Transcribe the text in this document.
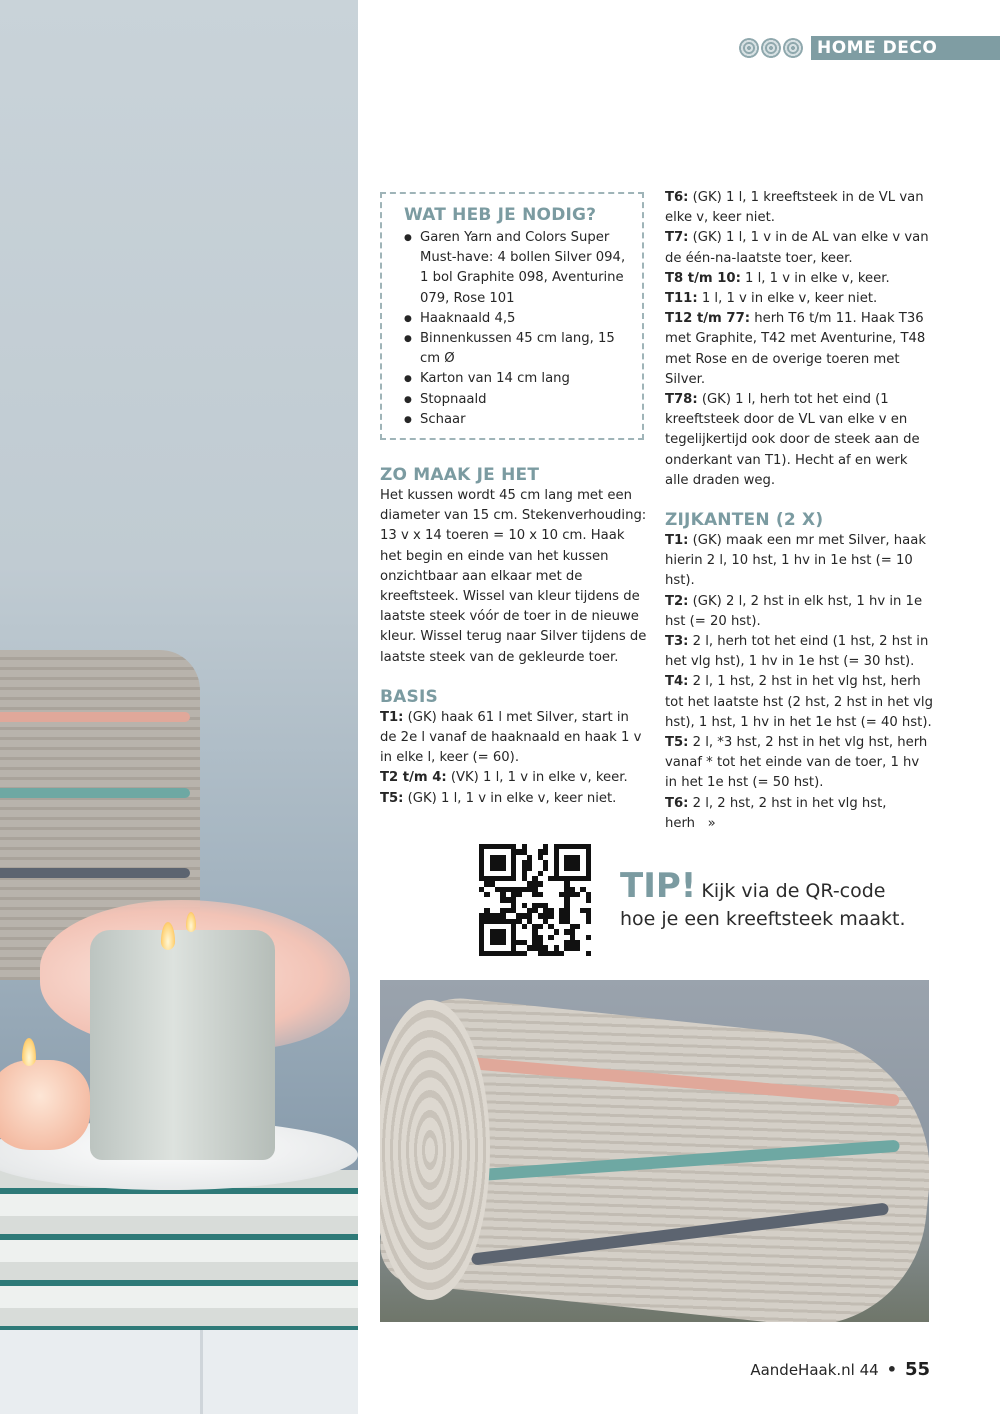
HOME DECO
WAT HEB JE NODIG?
● Garen Yarn and Colors Super Must-have: 4 bollen Silver 094, 1 bol Graphite 098, Aventurine 079, Rose 101
● Haaknaald 4,5
● Binnenkussen 45 cm lang, 15 cm Ø
● Karton van 14 cm lang
● Stopnaald
● Schaar
ZO MAAK JE HET

Het kussen wordt 45 cm lang met een diameter van 15 cm. Stekenverhouding: 13 v x 14 toeren = 10 x 10 cm. Haak het begin en einde van het kussen onzichtbaar aan elkaar met de kreeftsteek. Wissel van kleur tijdens de laatste steek vóór de toer in de nieuwe kleur. Wissel terug naar Silver tijdens de laatste steek van de gekleurde toer.

BASIS

T1: (GK) haak 61 l met Silver, start in de 2e l vanaf de haaknaald en haak 1 v in elke l, keer (= 60).

T2 t/m 4: (VK) 1 l, 1 v in elke v, keer.

T5: (GK) 1 l, 1 v in elke v, keer niet.

T6: (GK) 1 l, 1 kreeftsteek in de VL van elke v, keer niet.

T7: (GK) 1 l, 1 v in de AL van elke v van de één-na-laatste toer, keer.

T8 t/m 10: 1 l, 1 v in elke v, keer.

T11: 1 l, 1 v in elke v, keer niet.

T12 t/m 77: herh T6 t/m 11. Haak T36 met Graphite, T42 met Aventurine, T48 met Rose en de overige toeren met Silver.

T78: (GK) 1 l, herh tot het eind (1 kreeftsteek door de VL van elke v en tegelijkertijd ook door de steek aan de onderkant van T1). Hecht af en werk alle draden weg.

ZIJKANTEN (2 X)

T1: (GK) maak een mr met Silver, haak hierin 2 l, 10 hst, 1 hv in 1e hst (= 10 hst).

T2: (GK) 2 l, 2 hst in elk hst, 1 hv in 1e hst (= 20 hst).

T3: 2 l, herh tot het eind (1 hst, 2 hst in het vlg hst), 1 hv in 1e hst (= 30 hst).

T4: 2 l, 1 hst, 2 hst in het vlg hst, herh tot het laatste hst (2 hst, 2 hst in het vlg hst), 1 hst, 1 hv in het 1e hst (= 40 hst).

T5: 2 l, *3 hst, 2 hst in het vlg hst, herh vanaf * tot het einde van de toer, 1 hv in het 1e hst (= 50 hst).

T6: 2 l, 2 hst, 2 hst in het vlg hst, herh »

TIP! Kijk via de QR-code
hoe je een kreeftsteek maakt.
AandeHaak.nl 44 • 55
